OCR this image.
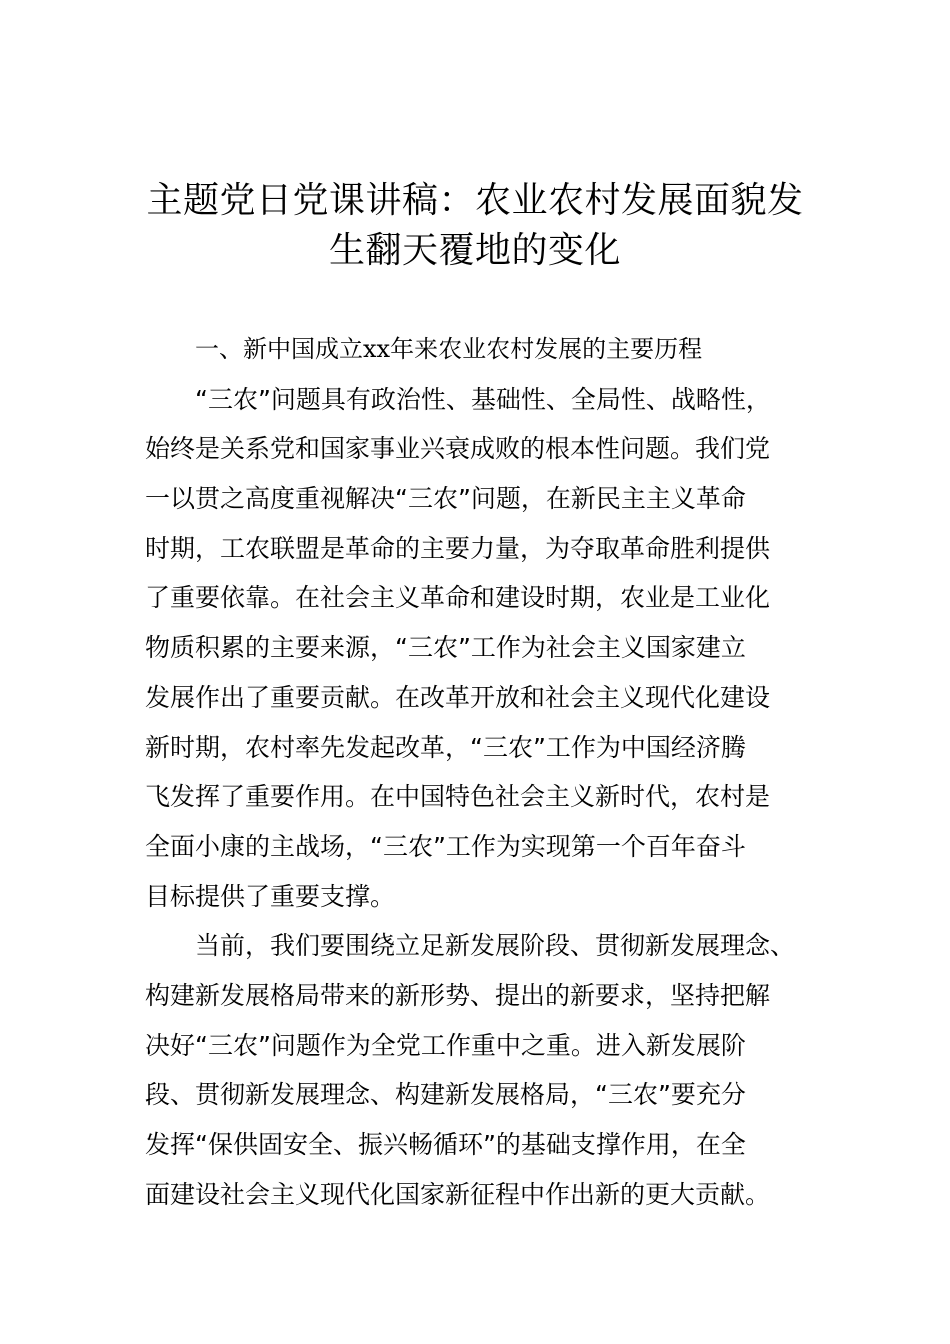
主题党日党课讲稿：农业农村发展面貌发
生翻天覆地的变化
一、新中国成立xx年来农业农村发展的主要历程
“三农”问题具有政治性、基础性、全局性、战略性，
始终是关系党和国家事业兴衰成败的根本性问题。我们党
一以贯之高度重视解决“三农”问题，在新民主主义革命
时期，工农联盟是革命的主要力量，为夺取革命胜利提供
了重要依靠。在社会主义革命和建设时期，农业是工业化
物质积累的主要来源，“三农”工作为社会主义国家建立
发展作出了重要贡献。在改革开放和社会主义现代化建设
新时期，农村率先发起改革，“三农”工作为中国经济腾
飞发挥了重要作用。在中国特色社会主义新时代，农村是
全面小康的主战场，“三农”工作为实现第一个百年奋斗
目标提供了重要支撑。
当前，我们要围绕立足新发展阶段、贯彻新发展理念、
构建新发展格局带来的新形势、提出的新要求，坚持把解
决好“三农”问题作为全党工作重中之重。进入新发展阶
段、贯彻新发展理念、构建新发展格局，“三农”要充分
发挥“保供固安全、振兴畅循环”的基础支撑作用，在全
面建设社会主义现代化国家新征程中作出新的更大贡献。
